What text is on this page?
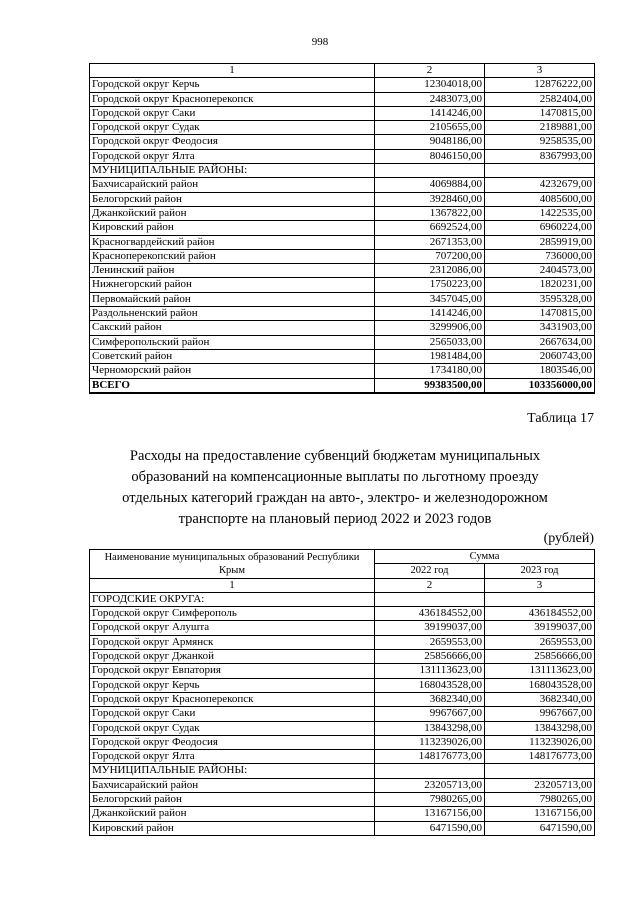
998
1	2	3
Городской округ Керчь	12304018,00	12876222,00
Городской округ Красноперекопск	2483073,00	2582404,00
Городской округ Саки	1414246,00	1470815,00
Городской округ Судак	2105655,00	2189881,00
Городской округ Феодосия	9048186,00	9258535,00
Городской округ Ялта	8046150,00	8367993,00
МУНИЦИПАЛЬНЫЕ РАЙОНЫ:		
Бахчисарайский район	4069884,00	4232679,00
Белогорский район	3928460,00	4085600,00
Джанкойский район	1367822,00	1422535,00
Кировский район	6692524,00	6960224,00
Красногвардейский район	2671353,00	2859919,00
Красноперекопский район	707200,00	736000,00
Ленинский район	2312086,00	2404573,00
Нижнегорский район	1750223,00	1820231,00
Первомайский район	3457045,00	3595328,00
Раздольненский район	1414246,00	1470815,00
Сакский район	3299906,00	3431903,00
Симферопольский район	2565033,00	2667634,00
Советский район	1981484,00	2060743,00
Черноморский район	1734180,00	1803546,00
ВСЕГО	99383500,00	103356000,00
Таблица 17
Расходы на предоставление субвенций бюджетам муниципальных
образований на компенсационные выплаты по льготному проезду
отдельных категорий граждан на авто-, электро- и железнодорожном
транспорте на плановый период 2022 и 2023 годов
(рублей)
Наименование муниципальных образований Республики Крым	Сумма	
	2022 год	2023 год
1	2	3
ГОРОДСКИЕ ОКРУГА:		
Городской округ Симферополь	436184552,00	436184552,00
Городской округ Алушта	39199037,00	39199037,00
Городской округ Армянск	2659553,00	2659553,00
Городской округ Джанкой	25856666,00	25856666,00
Городской округ Евпатория	131113623,00	131113623,00
Городской округ Керчь	168043528,00	168043528,00
Городской округ Красноперекопск	3682340,00	3682340,00
Городской округ Саки	9967667,00	9967667,00
Городской округ Судак	13843298,00	13843298,00
Городской округ Феодосия	113239026,00	113239026,00
Городской округ Ялта	148176773,00	148176773,00
МУНИЦИПАЛЬНЫЕ РАЙОНЫ:		
Бахчисарайский район	23205713,00	23205713,00
Белогорский район	7980265,00	7980265,00
Джанкойский район	13167156,00	13167156,00
Кировский район	6471590,00	6471590,00
